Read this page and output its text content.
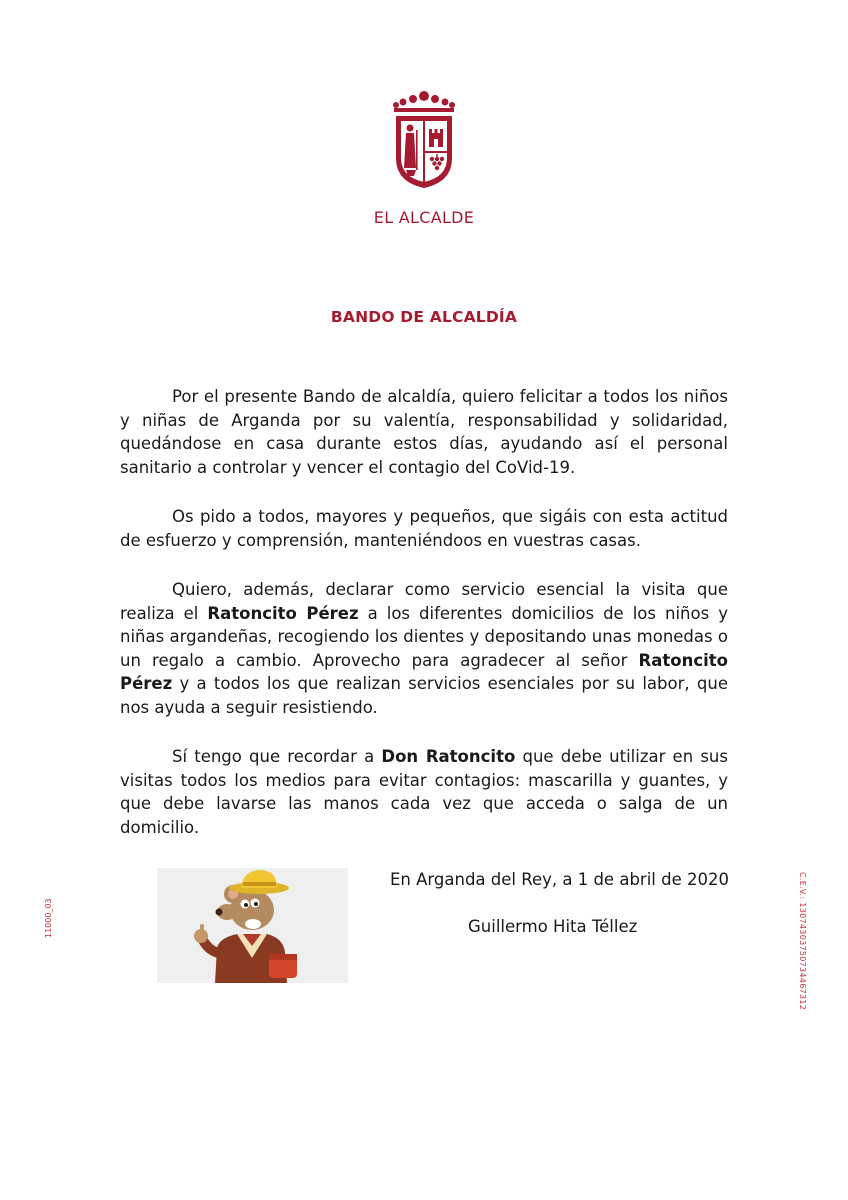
EL ALCALDE
BANDO DE ALCALDÍA

Por el presente Bando de alcaldía, quiero felicitar a todos los niños y niñas de Arganda por su valentía, responsabilidad y solidaridad, quedándose en casa durante estos días, ayudando así el personal sanitario a controlar y vencer el contagio del CoVid-19.

Os pido a todos, mayores y pequeños, que sigáis con esta actitud de esfuerzo y comprensión, manteniéndoos en vuestras casas.

Quiero, además, declarar como servicio esencial la visita que realiza el Ratoncito Pérez a los diferentes domicilios de los niños y niñas argandeñas, recogiendo los dientes y depositando unas monedas o un regalo a cambio. Aprovecho para agradecer al señor Ratoncito Pérez y a todos los que realizan servicios esenciales por su labor, que nos ayuda a seguir resistiendo.

Sí tengo que recordar a Don Ratoncito que debe utilizar en sus visitas todos los medios para evitar contagios: mascarilla y guantes, y que debe lavarse las manos cada vez que acceda o salga de un domicilio.

En Arganda del Rey, a 1 de abril de 2020
Guillermo Hita Téllez
11000_03	C.E.V.: 13074303750734467312
